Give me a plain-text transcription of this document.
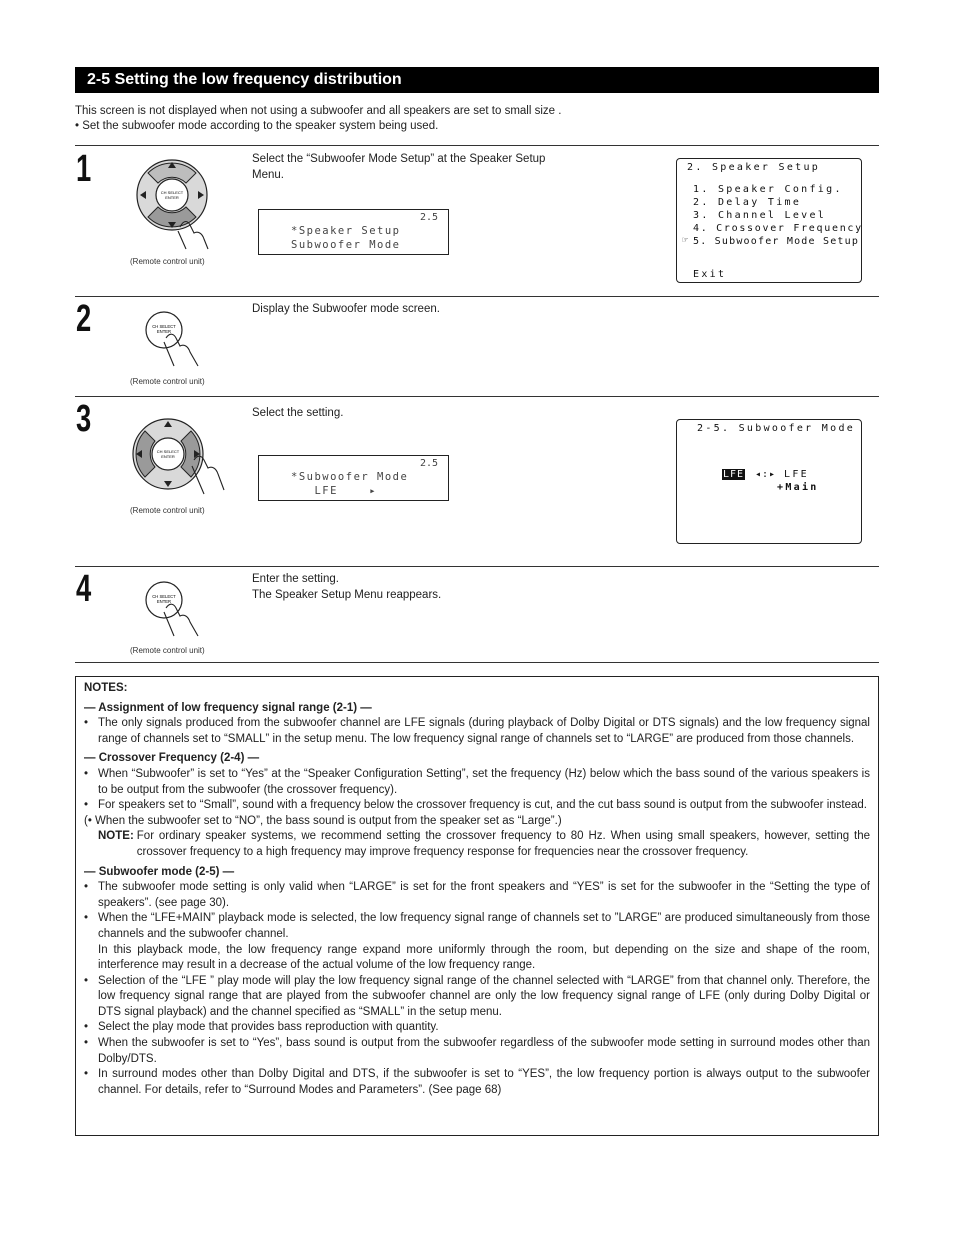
2-5 Setting the low frequency distribution
This screen is not displayed when not using a subwoofer and all speakers are set to small size .
• Set the subwoofer mode according to the speaker system being used.
1
CH SELECT
ENTER
(Remote control unit)
Select the “Subwoofer Mode Setup” at the Speaker Setup
Menu.
2.5
*Speaker Setup
Subwoofer Mode
2. Speaker Setup
1. Speaker Config.
2. Delay Time
3. Channel Level
4. Crossover Frequency
☞ 5. Subwoofer Mode Setup
Exit
2	CH SELECT
ENTER
(Remote control unit)
Display the Subwoofer mode screen.
3
CH SELECT
ENTER
(Remote control unit)
Select the setting.
2.5
*Subwoofer Mode
LFE    ▸
2-5. Subwoofer Mode
LFE ◂:▸ LFE
+Main
4	CH SELECT
ENTER
(Remote control unit)
Enter the setting.
The Speaker Setup Menu reappears.
NOTES:
— Assignment of low frequency signal range (2-1) —
• The only signals produced from the subwoofer channel are LFE signals (during playback of Dolby Digital or DTS signals) and the low frequency signal range of channels set to “SMALL” in the setup menu. The low frequency signal range of channels set to “LARGE” are produced from those channels.
— Crossover Frequency (2-4) —
• When “Subwoofer” is set to “Yes” at the “Speaker Configuration Setting”, set the frequency (Hz) below which the bass sound of the various speakers is to be output from the subwoofer (the crossover frequency).
• For speakers set to “Small”, sound with a frequency below the crossover frequency is cut, and the cut bass sound is output from the subwoofer instead.
(• When the subwoofer set to “NO”, the bass sound is output from the speaker set as “Large”.)
NOTE: For ordinary speaker systems, we recommend setting the crossover frequency to 80 Hz. When using small speakers, however, setting the crossover frequency to a high frequency may improve frequency response for frequencies near the crossover frequency.
— Subwoofer mode (2-5) —
• The subwoofer mode setting is only valid when “LARGE” is set for the front speakers and “YES” is set for the subwoofer in the “Setting the type of speakers”. (see page 30).
• When the “LFE+MAIN” playback mode is selected, the low frequency signal range of channels set to ”LARGE” are produced simultaneously from those channels and the subwoofer channel.
In this playback mode, the low frequency range expand more uniformly through the room, but depending on the size and shape of the room, interference may result in a decrease of the actual volume of the low frequency range.
• Selection of the “LFE ” play mode will play the low frequency signal range of the channel selected with “LARGE” from that channel only. Therefore, the low frequency signal range that are played from the subwoofer channel are only the low frequency signal range of LFE (only during Dolby Digital or DTS signal playback) and the channel specified as “SMALL” in the setup menu.
• Select the play mode that provides bass reproduction with quantity.
• When the subwoofer is set to “Yes”, bass sound is output from the subwoofer regardless of the subwoofer mode setting in surround modes other than Dolby/DTS.
• In surround modes other than Dolby Digital and DTS, if the subwoofer is set to “YES”, the low frequency portion is always output to the subwoofer channel. For details, refer to “Surround Modes and Parameters”. (See page 68)
